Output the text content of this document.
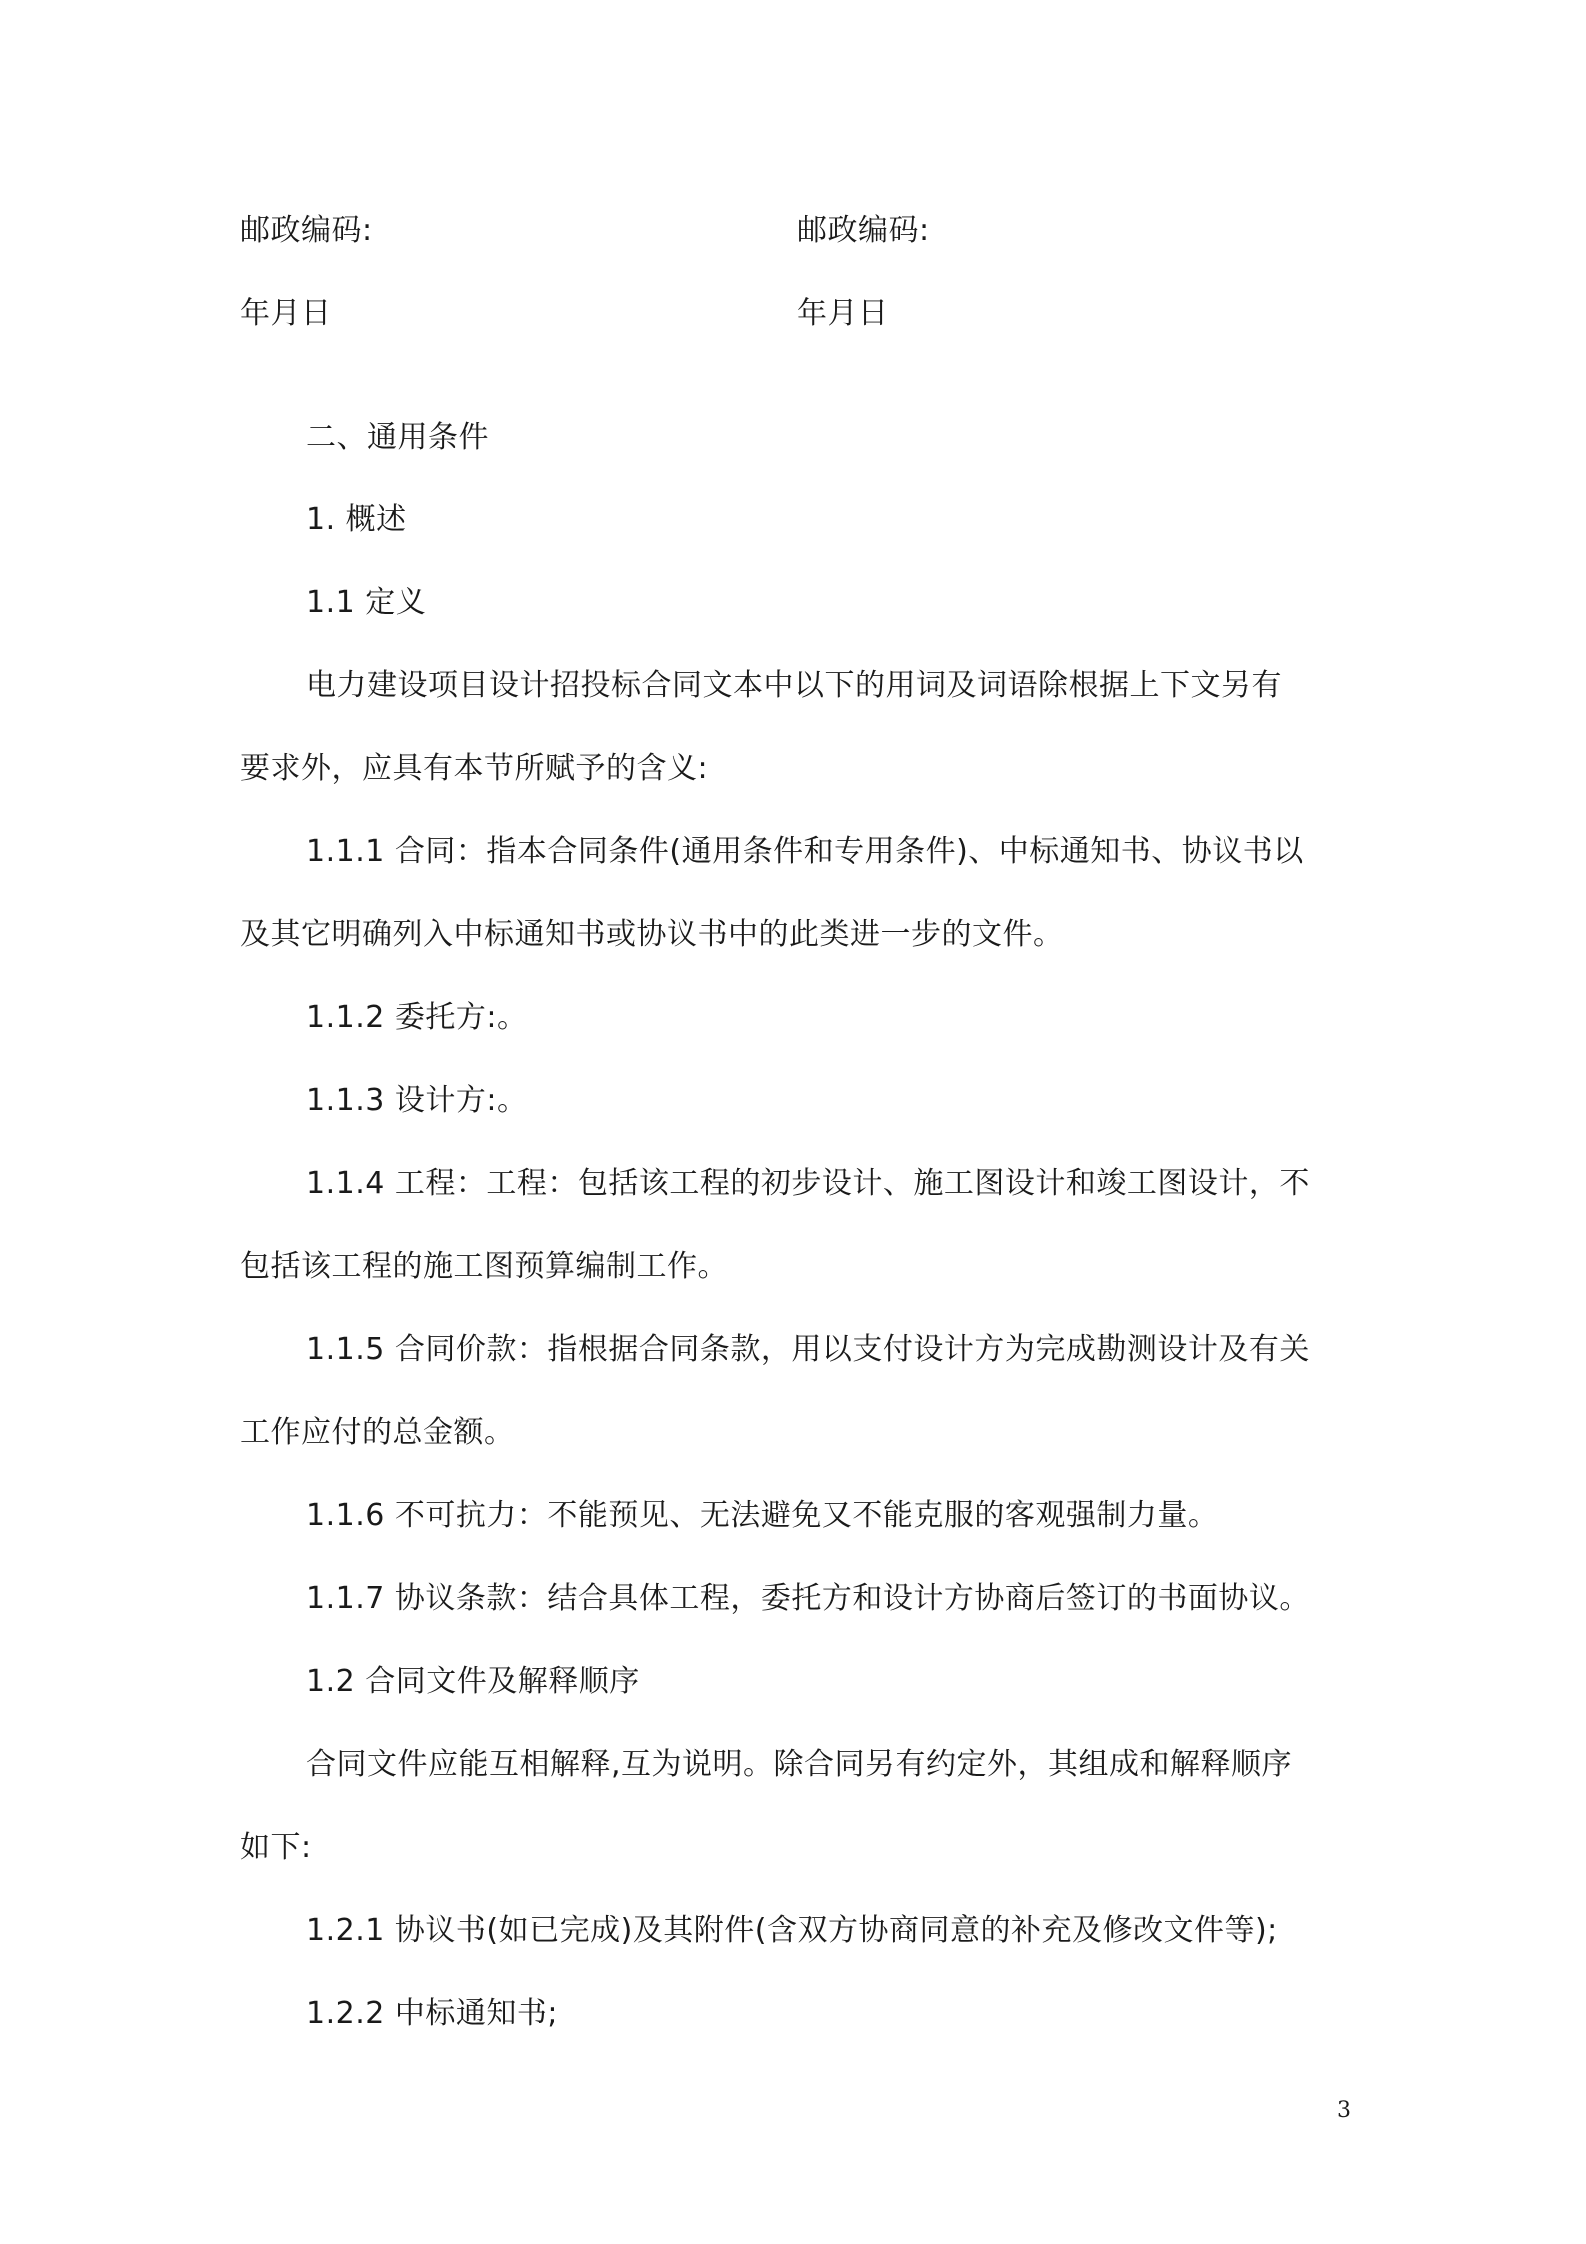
邮政编码:	邮政编码:
年月日	年月日
二、通用条件
1. 概述
1.1 定义
电力建设项目设计招投标合同文本中以下的用词及词语除根据上下文另有
要求外，应具有本节所赋予的含义:
1.1.1 合同：指本合同条件(通用条件和专用条件)、中标通知书、协议书以
及其它明确列入中标通知书或协议书中的此类进一步的文件。
1.1.2 委托方:。
1.1.3 设计方:。
1.1.4 工程：工程：包括该工程的初步设计、施工图设计和竣工图设计，不
包括该工程的施工图预算编制工作。
1.1.5 合同价款：指根据合同条款，用以支付设计方为完成勘测设计及有关
工作应付的总金额。
1.1.6 不可抗力：不能预见、无法避免又不能克服的客观强制力量。
1.1.7 协议条款：结合具体工程，委托方和设计方协商后签订的书面协议。
1.2 合同文件及解释顺序
合同文件应能互相解释,互为说明。除合同另有约定外，其组成和解释顺序
如下:
1.2.1 协议书(如已完成)及其附件(含双方协商同意的补充及修改文件等);
1.2.2 中标通知书;
3
